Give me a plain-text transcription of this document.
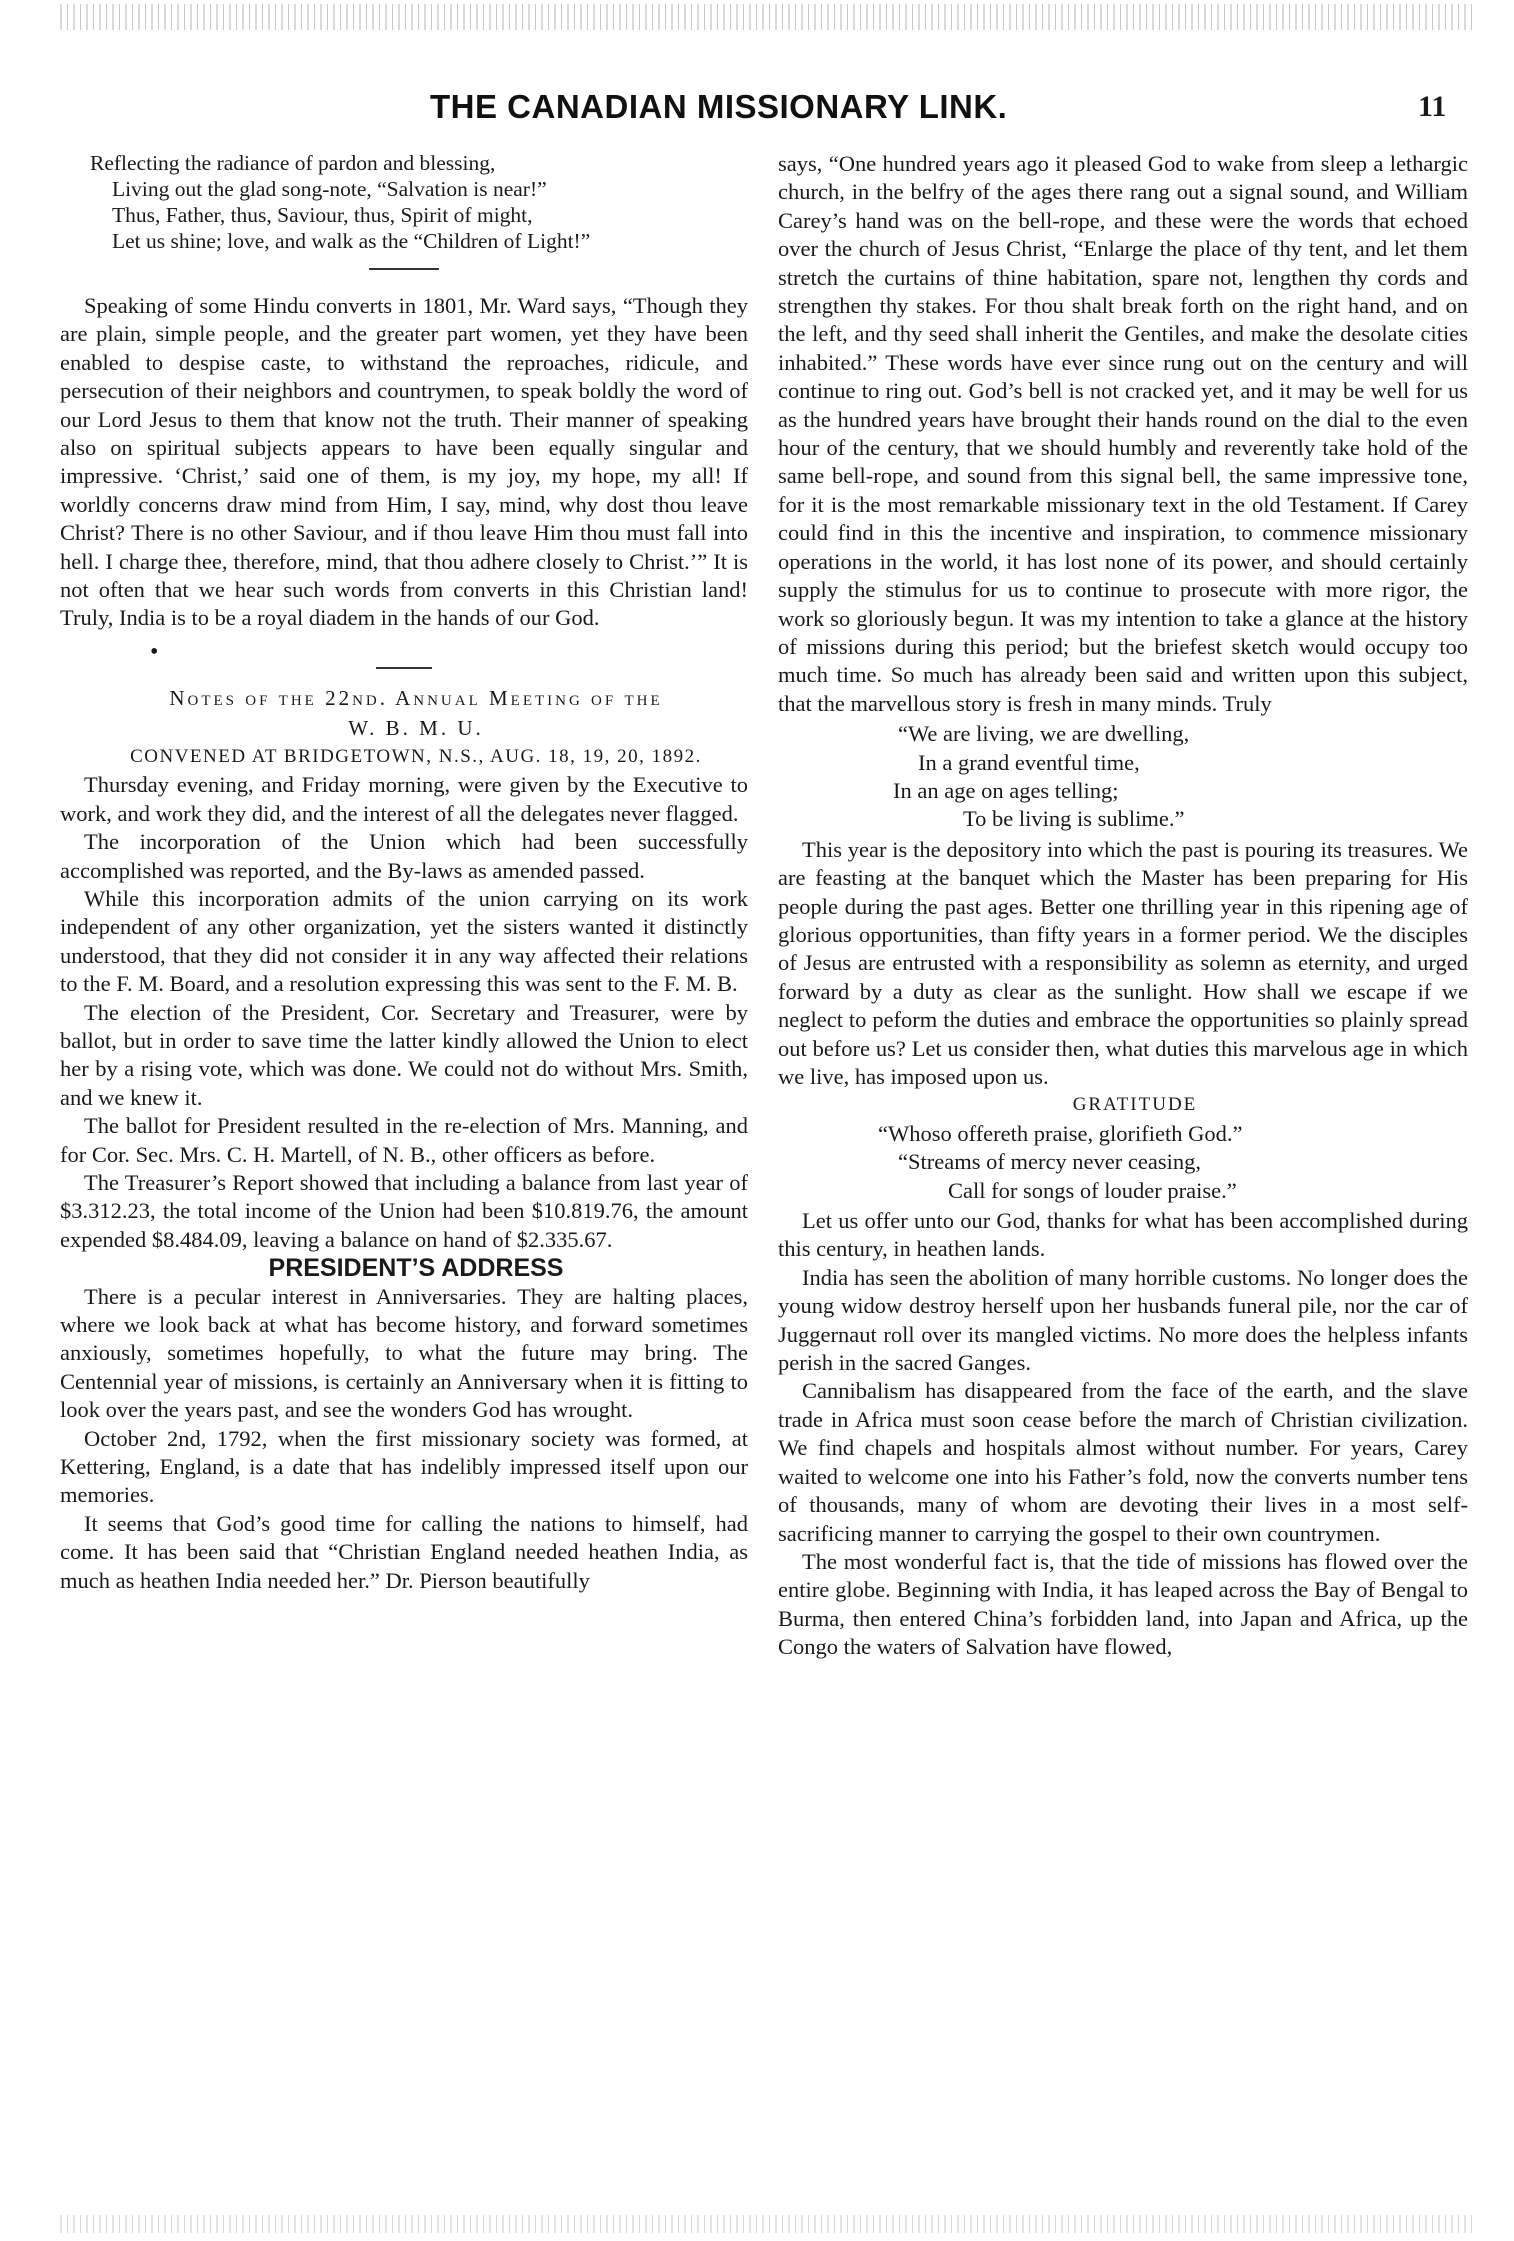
THE CANADIAN MISSIONARY LINK.	11

Reflecting the radiance of pardon and blessing,

Living out the glad song-note, “Salvation is near!”

Thus, Father, thus, Saviour, thus, Spirit of might,

Let us shine; love, and walk as the “Children of Light!”

Speaking of some Hindu converts in 1801, Mr. Ward says, “Though they are plain, simple people, and the greater part women, yet they have been enabled to despise caste, to withstand the reproaches, ridicule, and persecution of their neighbors and countrymen, to speak boldly the word of our Lord Jesus to them that know not the truth. Their manner of speaking also on spiritual subjects appears to have been equally singular and impressive. ‘Christ,’ said one of them, is my joy, my hope, my all! If worldly concerns draw mind from Him, I say, mind, why dost thou leave Christ? There is no other Saviour, and if thou leave Him thou must fall into hell. I charge thee, therefore, mind, that thou adhere closely to Christ.’” It is not often that we hear such words from converts in this Christian land! Truly, India is to be a royal diadem in the hands of our God.

•

Notes of the 22nd. Annual Meeting of the

W. B. M. U.

CONVENED AT BRIDGETOWN, N.S., AUG. 18, 19, 20, 1892.

Thursday evening, and Friday morning, were given by the Executive to work, and work they did, and the interest of all the delegates never flagged.

The incorporation of the Union which had been successfully accomplished was reported, and the By-laws as amended passed.

While this incorporation admits of the union carrying on its work independent of any other organization, yet the sisters wanted it distinctly understood, that they did not consider it in any way affected their relations to the F. M. Board, and a resolution expressing this was sent to the F. M. B.

The election of the President, Cor. Secretary and Treasurer, were by ballot, but in order to save time the latter kindly allowed the Union to elect her by a rising vote, which was done. We could not do without Mrs. Smith, and we knew it.

The ballot for President resulted in the re-election of Mrs. Manning, and for Cor. Sec. Mrs. C. H. Martell, of N. B., other officers as before.

The Treasurer’s Report showed that including a balance from last year of $3.312.23, the total income of the Union had been $10.819.76, the amount expended $8.484.09, leaving a balance on hand of $2.335.67.

PRESIDENT’S ADDRESS

There is a pecular interest in Anniversaries. They are halting places, where we look back at what has become history, and forward sometimes anxiously, sometimes hopefully, to what the future may bring. The Centennial year of missions, is certainly an Anniversary when it is fitting to look over the years past, and see the wonders God has wrought.

October 2nd, 1792, when the first missionary society was formed, at Kettering, England, is a date that has indelibly impressed itself upon our memories.

It seems that God’s good time for calling the nations to himself, had come. It has been said that “Christian England needed heathen India, as much as heathen India needed her.” Dr. Pierson beautifully

says, “One hundred years ago it pleased God to wake from sleep a lethargic church, in the belfry of the ages there rang out a signal sound, and William Carey’s hand was on the bell-rope, and these were the words that echoed over the church of Jesus Christ, “Enlarge the place of thy tent, and let them stretch the curtains of thine habitation, spare not, lengthen thy cords and strengthen thy stakes. For thou shalt break forth on the right hand, and on the left, and thy seed shall inherit the Gentiles, and make the desolate cities inhabited.” These words have ever since rung out on the century and will continue to ring out. God’s bell is not cracked yet, and it may be well for us as the hundred years have brought their hands round on the dial to the even hour of the century, that we should humbly and reverently take hold of the same bell-rope, and sound from this signal bell, the same impressive tone, for it is the most remarkable missionary text in the old Testament. If Carey could find in this the incentive and inspiration, to commence missionary operations in the world, it has lost none of its power, and should certainly supply the stimulus for us to continue to prosecute with more rigor, the work so gloriously begun. It was my intention to take a glance at the history of missions during this period; but the briefest sketch would occupy too much time. So much has already been said and written upon this subject, that the marvellous story is fresh in many minds. Truly

“We are living, we are dwelling,

In a grand eventful time,

In an age on ages telling;

To be living is sublime.”

This year is the depository into which the past is pouring its treasures. We are feasting at the banquet which the Master has been preparing for His people during the past ages. Better one thrilling year in this ripening age of glorious opportunities, than fifty years in a former period. We the disciples of Jesus are entrusted with a responsibility as solemn as eternity, and urged forward by a duty as clear as the sunlight. How shall we escape if we neglect to peform the duties and embrace the opportunities so plainly spread out before us? Let us consider then, what duties this marvelous age in which we live, has imposed upon us.

GRATITUDE

“Whoso offereth praise, glorifieth God.”

“Streams of mercy never ceasing,

Call for songs of louder praise.”

Let us offer unto our God, thanks for what has been accomplished during this century, in heathen lands.

India has seen the abolition of many horrible customs. No longer does the young widow destroy herself upon her husbands funeral pile, nor the car of Juggernaut roll over its mangled victims. No more does the helpless infants perish in the sacred Ganges.

Cannibalism has disappeared from the face of the earth, and the slave trade in Africa must soon cease before the march of Christian civilization. We find chapels and hospitals almost without number. For years, Carey waited to welcome one into his Father’s fold, now the converts number tens of thousands, many of whom are devoting their lives in a most self-sacrificing manner to carrying the gospel to their own countrymen.

The most wonderful fact is, that the tide of missions has flowed over the entire globe. Beginning with India, it has leaped across the Bay of Bengal to Burma, then entered China’s forbidden land, into Japan and Africa, up the Congo the waters of Salvation have flowed,
